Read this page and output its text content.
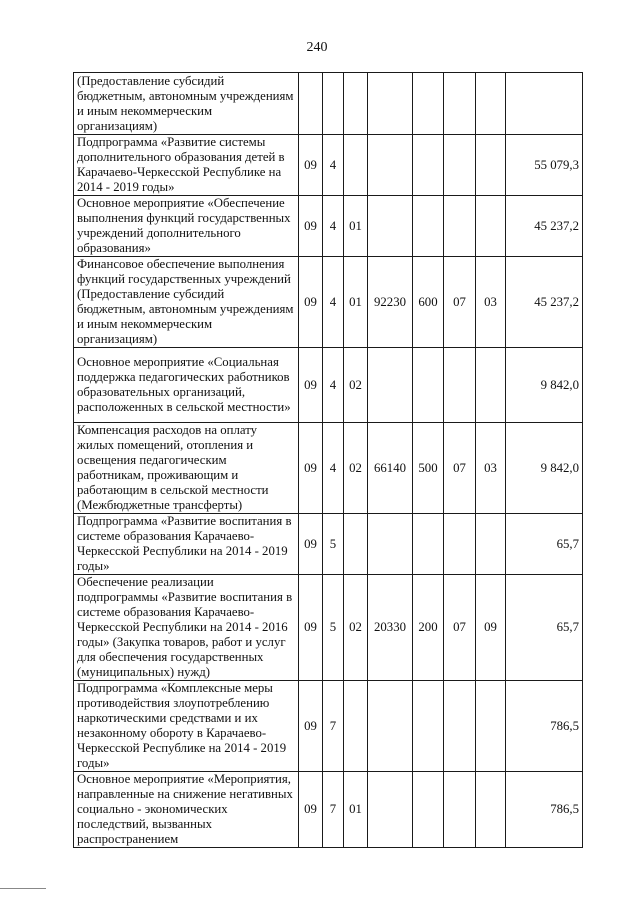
240
(Предоставление субсидий бюджетным, автономным учреждениям и иным некоммерческим организациям)								
Подпрограмма «Развитие системы дополнительного образования детей в Карачаево-Черкесской Республике на 2014 - 2019 годы»	09	4						55 079,3
Основное мероприятие «Обеспечение выполнения функций государственных учреждений дополнительного образования»	09	4	01					45 237,2
Финансовое обеспечение выполнения функций государственных учреждений (Предоставление субсидий бюджетным, автономным учреждениям и иным некоммерческим организациям)	09	4	01	92230	600	07	03	45 237,2
Основное мероприятие «Социальная поддержка педагогических работников образовательных организаций, расположенных в сельской местности»	09	4	02					9 842,0
Компенсация расходов на оплату жилых помещений, отопления и освещения педагогическим работникам, проживающим и работающим в сельской местности (Межбюджетные трансферты)	09	4	02	66140	500	07	03	9 842,0
Подпрограмма «Развитие воспитания в системе образования Карачаево-Черкесской Республики на 2014 - 2019 годы»	09	5						65,7
Обеспечение реализации подпрограммы «Развитие воспитания в системе образования Карачаево-Черкесской Республики на 2014 - 2016 годы» (Закупка товаров, работ и услуг для обеспечения государственных (муниципальных) нужд)	09	5	02	20330	200	07	09	65,7
Подпрограмма «Комплексные меры противодействия злоупотреблению наркотическими средствами и их незаконному обороту в Карачаево-Черкесской Республике на 2014 - 2019 годы»	09	7						786,5
Основное мероприятие «Мероприятия, направленные на снижение негативных социально - экономических последствий, вызванных распространением	09	7	01					786,5
